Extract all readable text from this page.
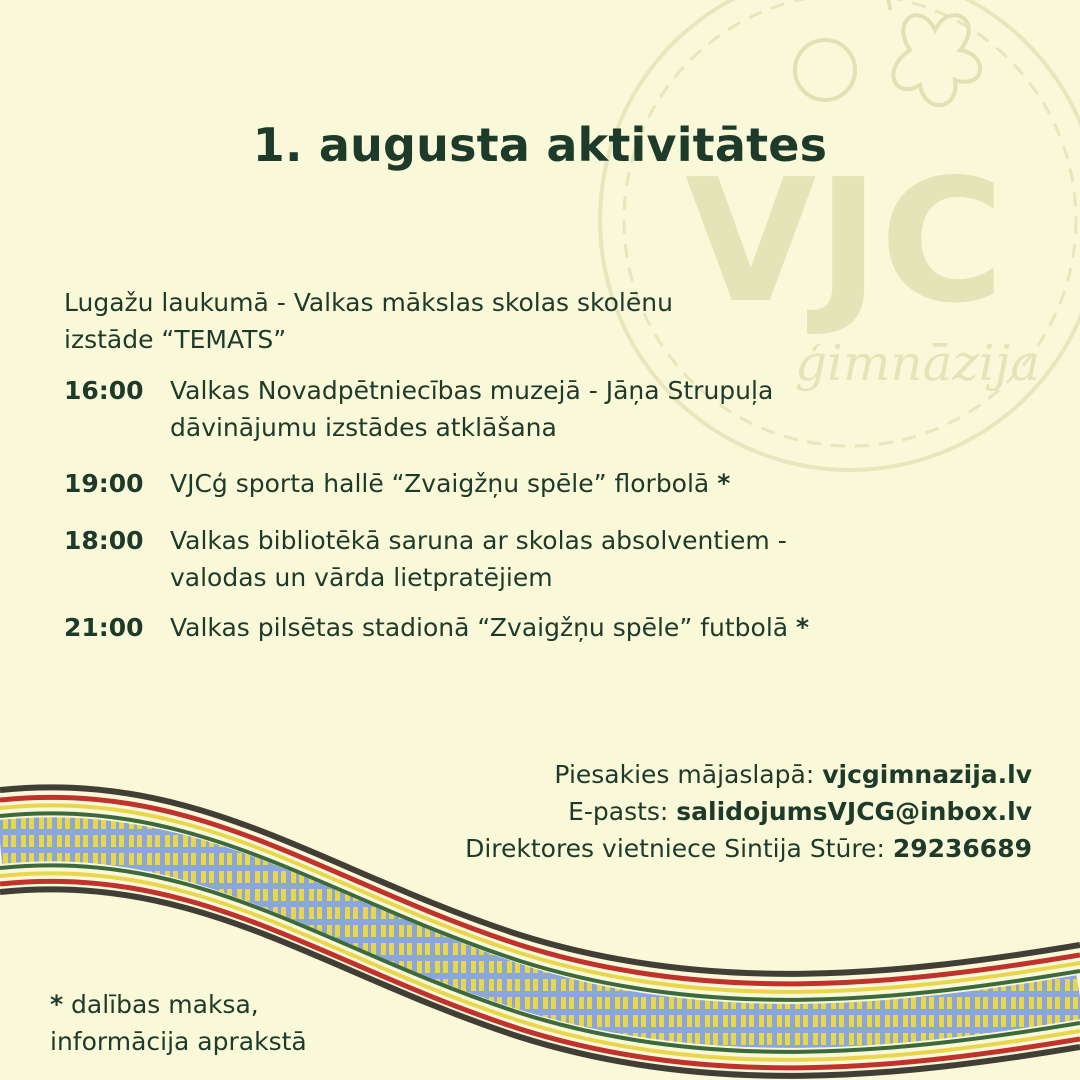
VJC
ģimnāzija
1. augusta aktivitātes
Lugažu laukumā - Valkas mākslas skolas skolēnu
izstāde “TEMATS”
16:00	Valkas Novadpētniecības muzejā - Jāņa Strupuļa
dāvinājumu izstādes atklāšana
19:00	VJCģ sporta hallē “Zvaigžņu spēle” florbolā *
18:00	Valkas bibliotēkā saruna ar skolas absolventiem -
valodas un vārda lietpratējiem
21:00	Valkas pilsētas stadionā “Zvaigžņu spēle” futbolā *
Piesakies mājaslapā: vjcgimnazija.lv
E-pasts: salidojumsVJCG@inbox.lv
Direktores vietniece Sintija Stūre: 29236689
* dalības maksa,
informācija aprakstā
